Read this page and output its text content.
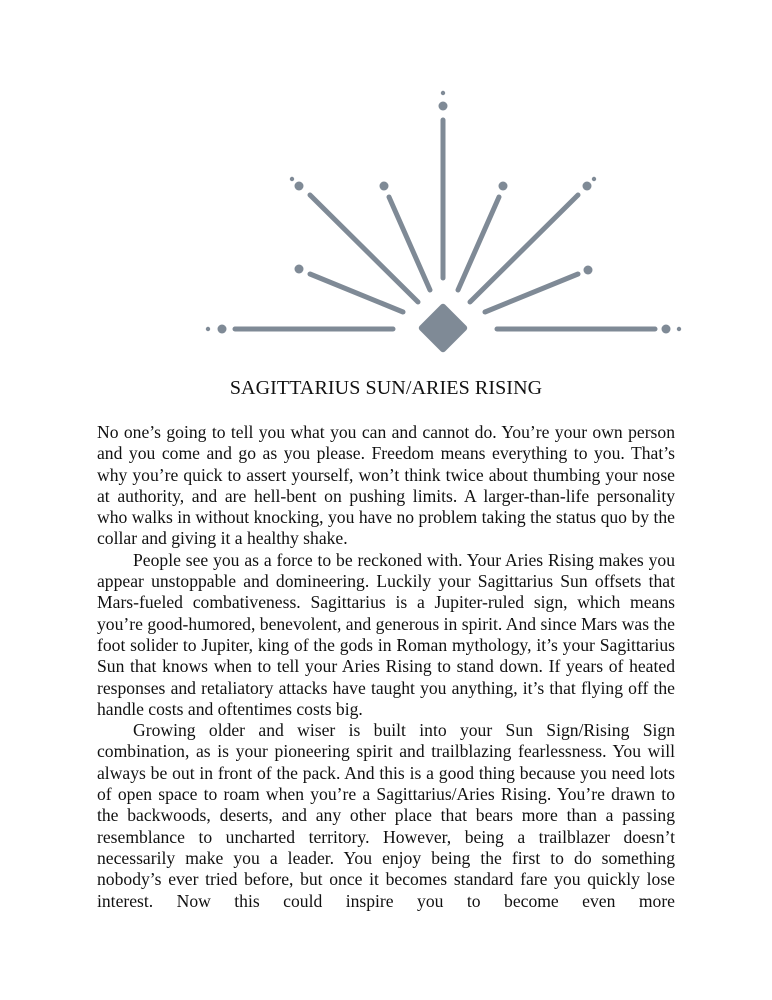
SAGITTARIUS SUN/ARIES RISING

No one’s going to tell you what you can and cannot do. You’re your own person and you come and go as you please. Freedom means everything to you. That’s why you’re quick to assert yourself, won’t think twice about thumbing your nose at authority, and are hell-bent on pushing limits. A larger-than-life personality who walks in without knocking, you have no problem taking the status quo by the collar and giving it a healthy shake.

People see you as a force to be reckoned with. Your Aries Rising makes you appear unstoppable and domineering. Luckily your Sagittarius Sun offsets that Mars-fueled combativeness. Sagittarius is a Jupiter-ruled sign, which means you’re good-humored, benevolent, and generous in spirit. And since Mars was the foot solider to Jupiter, king of the gods in Roman mythology, it’s your Sagittarius Sun that knows when to tell your Aries Rising to stand down. If years of heated responses and retaliatory attacks have taught you anything, it’s that flying off the handle costs and oftentimes costs big.

Growing older and wiser is built into your Sun Sign/Rising Sign combination, as is your pioneering spirit and trailblazing fearlessness. You will always be out in front of the pack. And this is a good thing because you need lots of open space to roam when you’re a Sagittarius/Aries Rising. You’re drawn to the backwoods, deserts, and any other place that bears more than a passing resemblance to uncharted territory. However, being a trailblazer doesn’t necessarily make you a leader. You enjoy being the first to do something nobody’s ever tried before, but once it becomes standard fare you quickly lose interest. Now this could inspire you to become even more
